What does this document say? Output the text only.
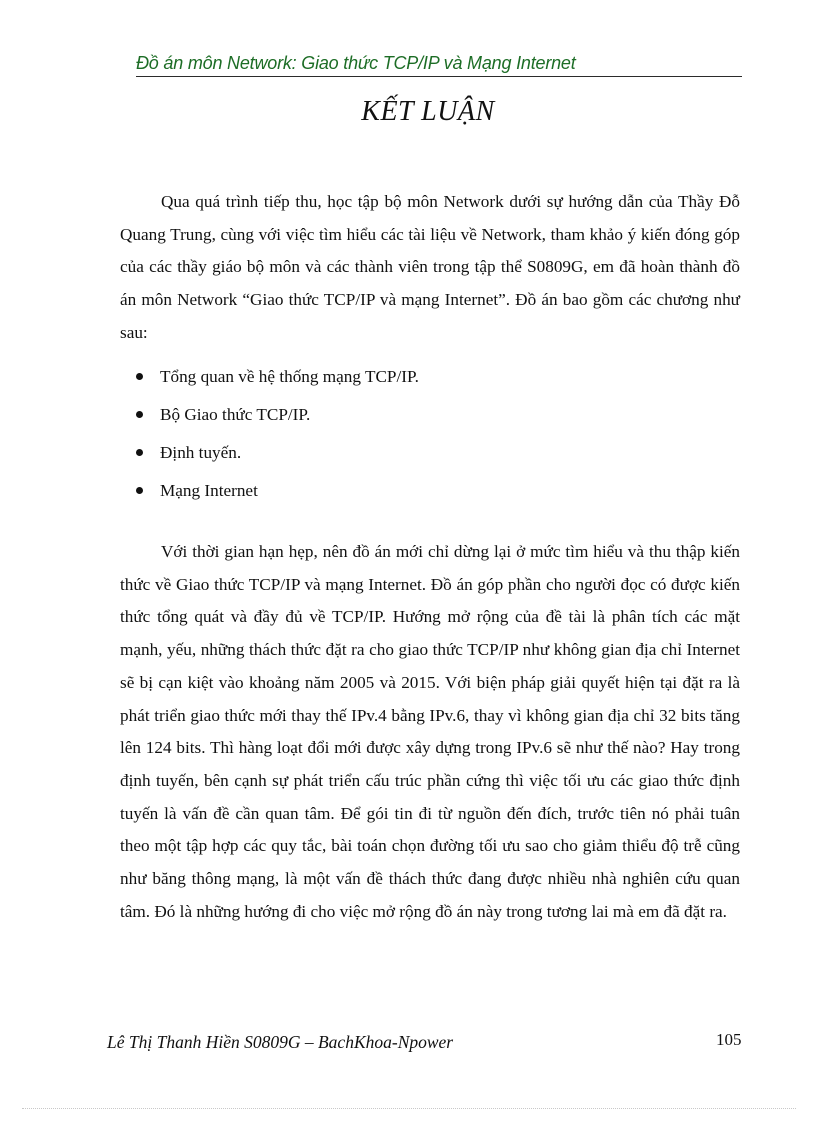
Đồ án môn Network: Giao thức TCP/IP và Mạng Internet
KẾT LUẬN

Qua quá trình tiếp thu, học tập bộ môn Network dưới sự hướng dẫn của Thầy Đỗ Quang Trung, cùng với việc tìm hiểu các tài liệu về Network, tham khảo ý kiến đóng góp của các thầy giáo bộ môn và các thành viên trong tập thể S0809G, em đã hoàn thành đồ án môn Network “Giao thức TCP/IP và mạng Internet”. Đồ án bao gồm các chương như sau:

Tổng quan về hệ thống mạng TCP/IP.
Bộ Giao thức TCP/IP.
Định tuyến.
Mạng Internet

Với thời gian hạn hẹp, nên đồ án mới chỉ dừng lại ở mức tìm hiểu và thu thập kiến thức về Giao thức TCP/IP và mạng Internet. Đồ án góp phần cho người đọc có được kiến thức tổng quát và đầy đủ về TCP/IP. Hướng mở rộng của đề tài là phân tích các mặt mạnh, yếu, những thách thức đặt ra cho giao thức TCP/IP như không gian địa chỉ Internet sẽ bị cạn kiệt vào khoảng năm 2005 và 2015. Với biện pháp giải quyết hiện tại đặt ra là phát triển giao thức mới thay thế IPv.4 bằng IPv.6, thay vì không gian địa chỉ 32 bits tăng lên 124 bits. Thì hàng loạt đổi mới được xây dựng trong IPv.6 sẽ như thế nào? Hay trong định tuyến, bên cạnh sự phát triển cấu trúc phần cứng thì việc tối ưu các giao thức định tuyến là vấn đề cần quan tâm. Để gói tin đi từ nguồn đến đích, trước tiên nó phải tuân theo một tập hợp các quy tắc, bài toán chọn đường tối ưu sao cho giảm thiểu độ trễ cũng như băng thông mạng, là một vấn đề thách thức đang được nhiều nhà nghiên cứu quan tâm. Đó là những hướng đi cho việc mở rộng đồ án này trong tương lai mà em đã đặt ra.

Lê Thị Thanh Hiền S0809G – BachKhoa-Npower	105
